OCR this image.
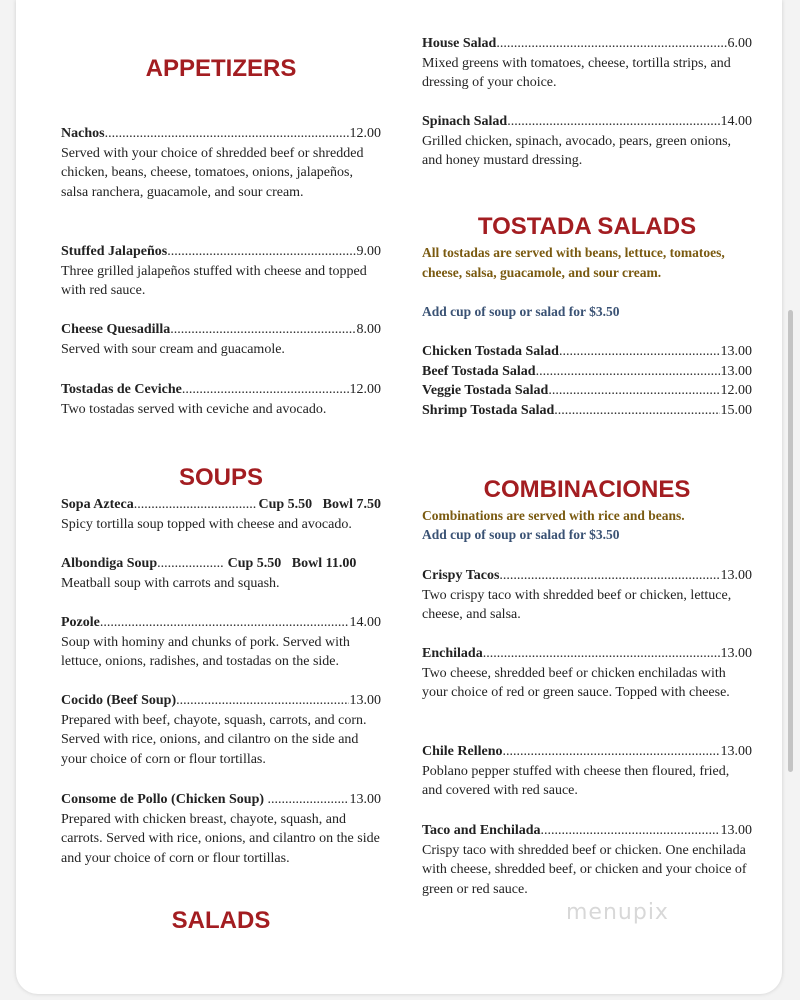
APPETIZERS
Nachos .....	12.00

Served with your choice of shredded beef or shredded chicken, beans, cheese, tomatoes, onions, jalapeños, salsa ranchera, guacamole, and sour cream.

Stuffed Jalapeños .....	9.00

Three grilled jalapeños stuffed with cheese and topped with red sauce.

Cheese Quesadilla .....	8.00

Served with sour cream and guacamole.

Tostadas de Ceviche .....	12.00

Two tostadas served with ceviche and avocado.

SOUPS
Sopa Azteca .....	Cup 5.50   Bowl 7.50

Spicy tortilla soup topped with cheese and avocado.

Albondiga Soup .....	Cup 5.50   Bowl 11.00

Meatball soup with carrots and squash.

Pozole .....	14.00

Soup with hominy and chunks of pork. Served with lettuce, onions, radishes, and tostadas on the side.

Cocido (Beef Soup) .....	13.00

Prepared with beef, chayote, squash, carrots, and corn. Served with rice, onions, and cilantro on the side and your choice of corn or flour tortillas.

Consome de Pollo (Chicken Soup)
.....	13.00

Prepared with chicken breast, chayote, squash, and carrots. Served with rice, onions, and cilantro on the side and your choice of corn or flour tortillas.

SALADS
House Salad .....	6.00

Mixed greens with tomatoes, cheese, tortilla strips, and dressing of your choice.

Spinach Salad .....	14.00

Grilled chicken, spinach, avocado, pears, green onions, and honey mustard dressing.

TOSTADA SALADS

All tostadas are served with beans, lettuce, tomatoes, cheese, salsa, guacamole, and sour cream.

Add cup of soup or salad for $3.50

Chicken Tostada Salad .....	13.00
Beef Tostada Salad .....	13.00
Veggie Tostada Salad .....	12.00
Shrimp Tostada Salad .....	15.00
COMBINACIONES

Combinations are served with rice and beans.

Add cup of soup or salad for $3.50

Crispy Tacos .....	13.00

Two crispy taco with shredded beef or chicken, lettuce, cheese, and salsa.

Enchilada .....	13.00

Two cheese, shredded beef or chicken enchiladas with your choice of red or green sauce. Topped with cheese.

Chile Relleno .....	13.00

Poblano pepper stuffed with cheese then floured, fried, and covered with red sauce.

Taco and Enchilada .....	13.00

Crispy taco with shredded beef or chicken. One enchilada with cheese, shredded beef, or chicken and your choice of green or red sauce.

menupix
